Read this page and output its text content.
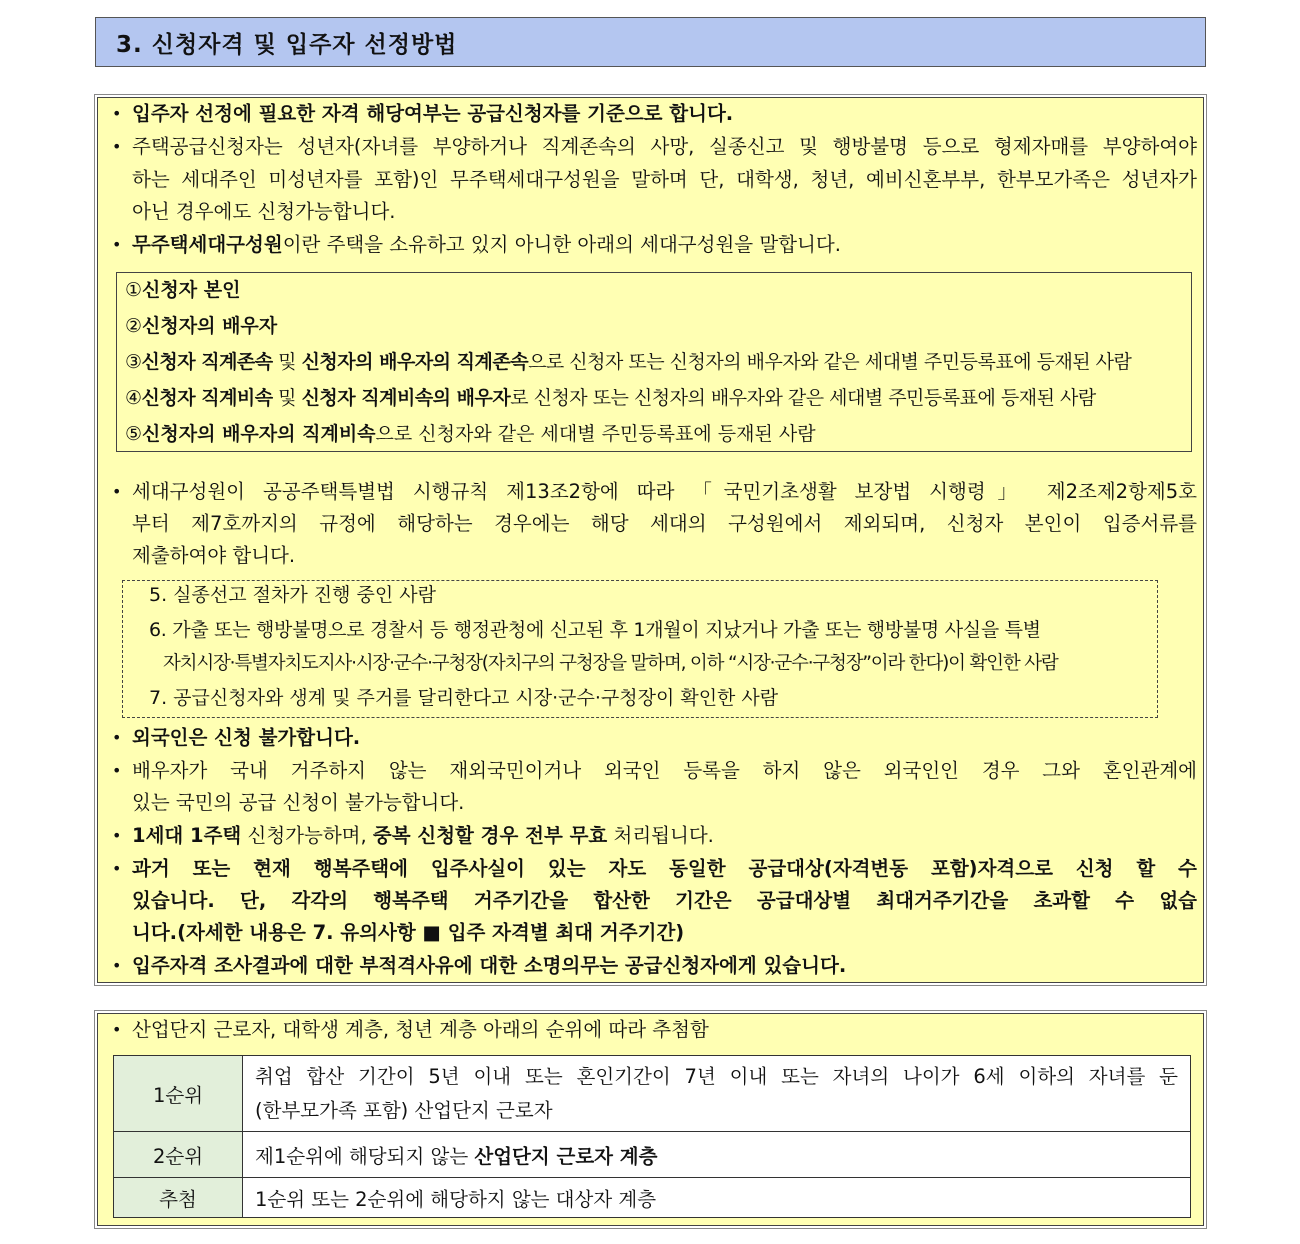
3. 신청자격 및 입주자 선정방법
• 입주자 선정에 필요한 자격 해당여부는 공급신청자를 기준으로 합니다.
• 주택공급신청자는 성년자(자녀를 부양하거나 직계존속의 사망, 실종신고 및 행방불명 등으로 형제자매를 부양하여야
하는 세대주인 미성년자를 포함)인 무주택세대구성원을 말하며 단, 대학생, 청년, 예비신혼부부, 한부모가족은 성년자가
아닌 경우에도 신청가능합니다.
• 무주택세대구성원이란 주택을 소유하고 있지 아니한 아래의 세대구성원을 말합니다.
①신청자 본인
②신청자의 배우자
③신청자 직계존속 및 신청자의 배우자의 직계존속으로 신청자 또는 신청자의 배우자와 같은 세대별 주민등록표에 등재된 사람
④신청자 직계비속 및 신청자 직계비속의 배우자로 신청자 또는 신청자의 배우자와 같은 세대별 주민등록표에 등재된 사람
⑤신청자의 배우자의 직계비속으로 신청자와 같은 세대별 주민등록표에 등재된 사람
• 세대구성원이 공공주택특별법 시행규칙 제13조2항에 따라 「국민기초생활 보장법 시행령」 제2조제2항제5호
부터 제7호까지의 규정에 해당하는 경우에는 해당 세대의 구성원에서 제외되며, 신청자 본인이 입증서류를
제출하여야 합니다.
5. 실종선고 절차가 진행 중인 사람
6. 가출 또는 행방불명으로 경찰서 등 행정관청에 신고된 후 1개월이 지났거나 가출 또는 행방불명 사실을 특별
자치시장·특별자치도지사·시장·군수·구청장(자치구의 구청장을 말하며, 이하 “시장·군수·구청장”이라 한다)이 확인한 사람
7. 공급신청자와 생계 및 주거를 달리한다고 시장·군수·구청장이 확인한 사람
• 외국인은 신청 불가합니다.
• 배우자가 국내 거주하지 않는 재외국민이거나 외국인 등록을 하지 않은 외국인인 경우 그와 혼인관계에
있는 국민의 공급 신청이 불가능합니다.
• 1세대 1주택 신청가능하며, 중복 신청할 경우 전부 무효 처리됩니다.
• 과거 또는 현재 행복주택에 입주사실이 있는 자도 동일한 공급대상(자격변동 포함)자격으로 신청 할 수
있습니다. 단, 각각의 행복주택 거주기간을 합산한 기간은 공급대상별 최대거주기간을 초과할 수 없습
니다.(자세한 내용은 7. 유의사항 ■ 입주 자격별 최대 거주기간)
• 입주자격 조사결과에 대한 부적격사유에 대한 소명의무는 공급신청자에게 있습니다.
• 산업단지 근로자, 대학생 계층, 청년 계층 아래의 순위에 따라 추첨함
1순위	취업 합산 기간이 5년 이내 또는 혼인기간이 7년 이내 또는 자녀의 나이가 6세 이하의 자녀를 둔
(한부모가족 포함) 산업단지 근로자

2순위	제1순위에 해당되지 않는 산업단지 근로자 계층
추첨	1순위 또는 2순위에 해당하지 않는 대상자 계층
